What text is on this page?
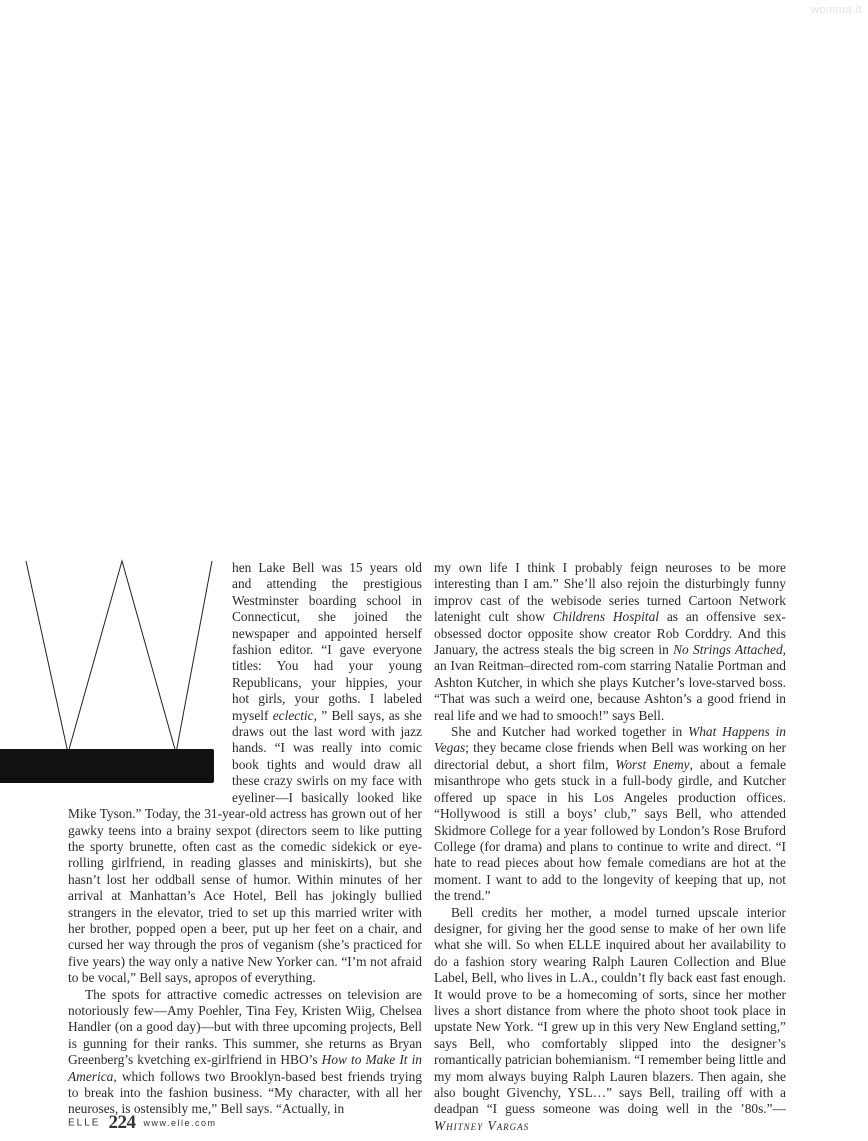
womma.it
W

hen Lake Bell was 15 years old and attending the prestigious Westminster boarding school in Connecticut, she joined the newspaper and appointed herself fashion editor. “I gave everyone titles: You had your young Republicans, your hippies, your hot girls, your goths. I labeled myself eclectic, ” Bell says, as she draws out the last word with jazz hands. “I was really into comic book tights and would draw all these crazy swirls on my face with eyeliner—I basically looked like Mike Tyson.” Today, the 31-year-old actress has grown out of her gawky teens into a brainy sexpot (directors seem to like putting the sporty brunette, often cast as the comedic sidekick or eye-rolling girlfriend, in reading glasses and miniskirts), but she hasn’t lost her oddball sense of humor. Within minutes of her arrival at Manhattan’s Ace Hotel, Bell has jokingly bullied strangers in the elevator, tried to set up this married writer with her brother, popped open a beer, put up her feet on a chair, and cursed her way through the pros of veganism (she’s practiced for five years) the way only a native New Yorker can. “I’m not afraid to be vocal,” Bell says, apropos of everything.

The spots for attractive comedic actresses on television are notoriously few—Amy Poehler, Tina Fey, Kristen Wiig, Chelsea Handler (on a good day)—but with three upcoming projects, Bell is gunning for their ranks. This summer, she returns as Bryan Greenberg’s kvetching ex-girlfriend in HBO’s How to Make It in America, which follows two Brooklyn-based best friends trying to break into the fashion business. “My character, with all her neuroses, is ostensibly me,” Bell says. “Actually, in

my own life I think I probably feign neuroses to be more interesting than I am.” She’ll also rejoin the disturbingly funny improv cast of the webisode series turned Cartoon Network latenight cult show Childrens Hospital as an offensive sex-obsessed doctor opposite show creator Rob Corddry. And this January, the actress steals the big screen in No Strings Attached, an Ivan Reitman–directed rom-com starring Natalie Portman and Ashton Kutcher, in which she plays Kutcher’s love-starved boss. “That was such a weird one, because Ashton’s a good friend in real life and we had to smooch!” says Bell.

She and Kutcher had worked together in What Happens in Vegas; they became close friends when Bell was working on her directorial debut, a short film, Worst Enemy, about a female misanthrope who gets stuck in a full-body girdle, and Kutcher offered up space in his Los Angeles production offices. “Hollywood is still a boys’ club,” says Bell, who attended Skidmore College for a year followed by London’s Rose Bruford College (for drama) and plans to continue to write and direct. “I hate to read pieces about how female comedians are hot at the moment. I want to add to the longevity of keeping that up, not the trend.”

Bell credits her mother, a model turned upscale interior designer, for giving her the good sense to make of her own life what she will. So when ELLE inquired about her availability to do a fashion story wearing Ralph Lauren Collection and Blue Label, Bell, who lives in L.A., couldn’t fly back east fast enough. It would prove to be a homecoming of sorts, since her mother lives a short distance from where the photo shoot took place in upstate New York. “I grew up in this very New England setting,” says Bell, who comfortably slipped into the designer’s romantically patrician bohemianism. “I remember being little and my mom always buying Ralph Lauren blazers. Then again, she also bought Givenchy, YSL…” says Bell, trailing off with a deadpan “I guess someone was doing well in the ’80s.”—Whitney Vargas

ELLE 224 www.elle.com
